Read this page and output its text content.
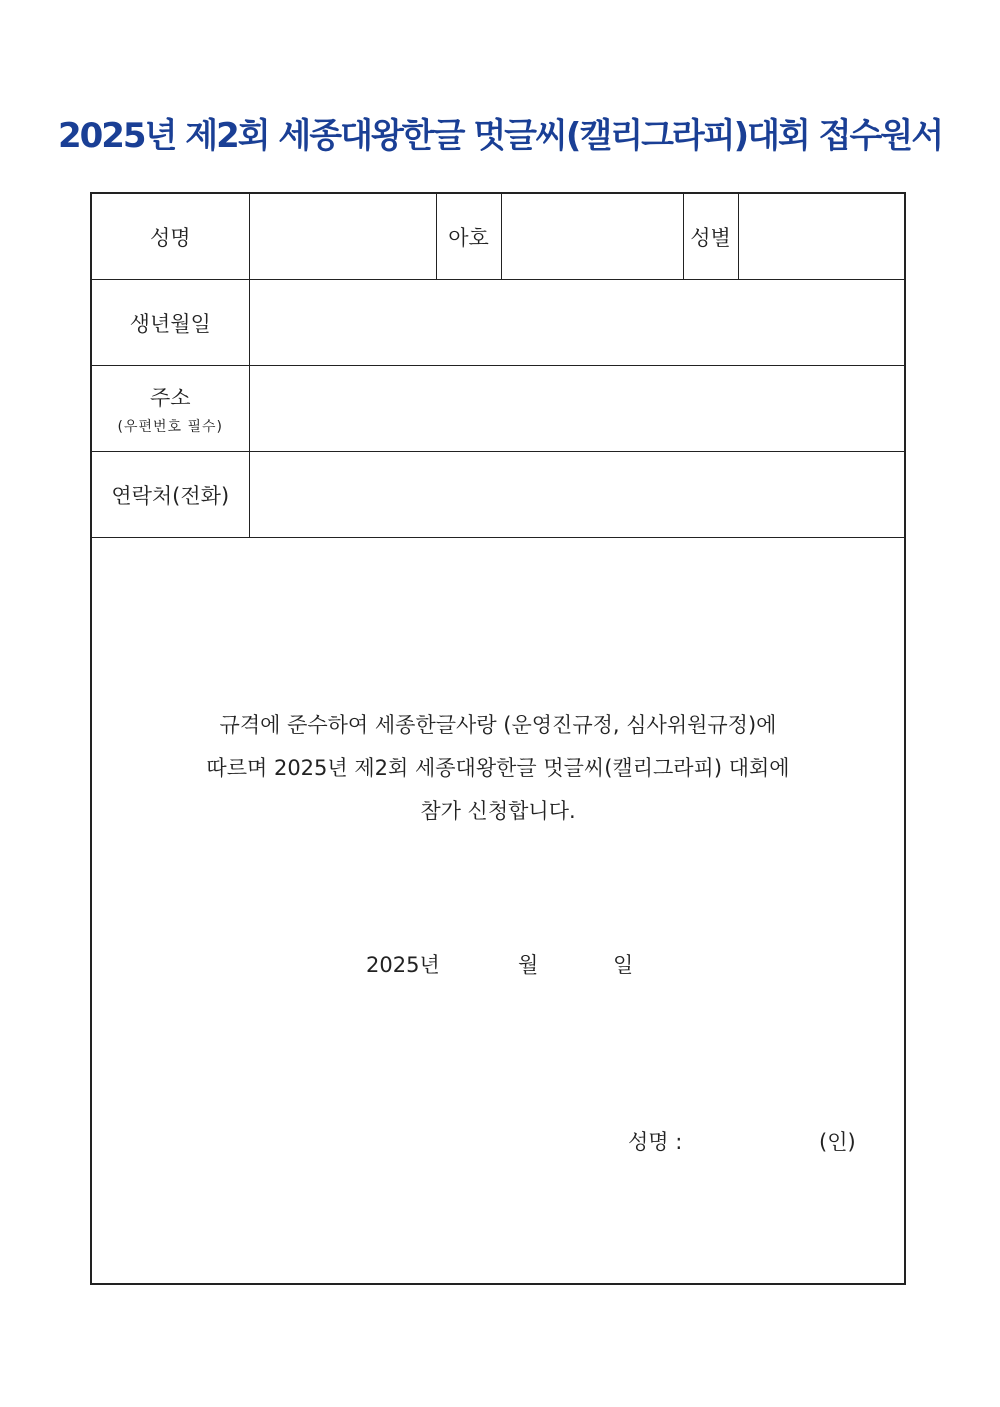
2025년 제2회 세종대왕한글 멋글씨(캘리그라피)대회 접수원서
성명		아호		성별	
생년월일					
주소
(우편번호 필수)					

연락처(전화)					
규격에 준수하여 세종한글사랑 (운영진규정, 심사위원규정)에
따르며 2025년 제2회 세종대왕한글 멋글씨(캘리그라피) 대회에
참가 신청합니다.
2025년	월	일
성명 :	(인)
